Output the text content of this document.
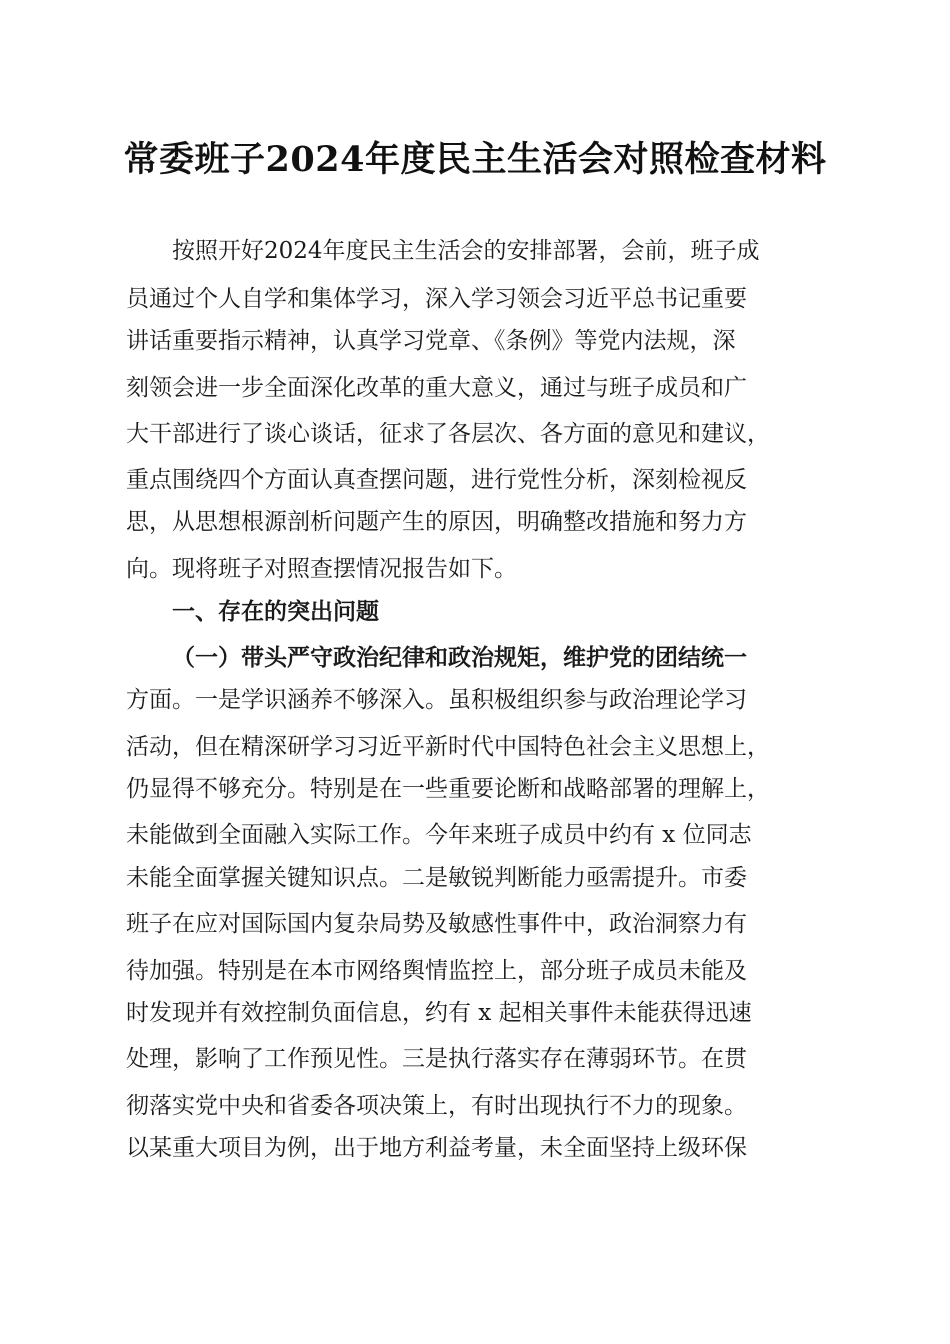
常委班子2024年度民主生活会对照检查材料
按照开好2024年度民主生活会的安排部署，会前，班子成
员通过个人自学和集体学习，深入学习领会习近平总书记重要
讲话重要指示精神，认真学习党章、《条例》等党内法规，深
刻领会进一步全面深化改革的重大意义，通过与班子成员和广
大干部进行了谈心谈话，征求了各层次、各方面的意见和建议，
重点围绕四个方面认真查摆问题，进行党性分析，深刻检视反
思，从思想根源剖析问题产生的原因，明确整改措施和努力方
向。现将班子对照查摆情况报告如下。
一、存在的突出问题
（一）带头严守政治纪律和政治规矩，维护党的团结统一
方面。一是学识涵养不够深入。虽积极组织参与政治理论学习
活动，但在精深研学习习近平新时代中国特色社会主义思想上，
仍显得不够充分。特别是在一些重要论断和战略部署的理解上，
未能做到全面融入实际工作。今年来班子成员中约有 x 位同志
未能全面掌握关键知识点。二是敏锐判断能力亟需提升。市委
班子在应对国际国内复杂局势及敏感性事件中，政治洞察力有
待加强。特别是在本市网络舆情监控上，部分班子成员未能及
时发现并有效控制负面信息，约有 x 起相关事件未能获得迅速
处理，影响了工作预见性。三是执行落实存在薄弱环节。在贯
彻落实党中央和省委各项决策上，有时出现执行不力的现象。
以某重大项目为例，出于地方利益考量，未全面坚持上级环保
